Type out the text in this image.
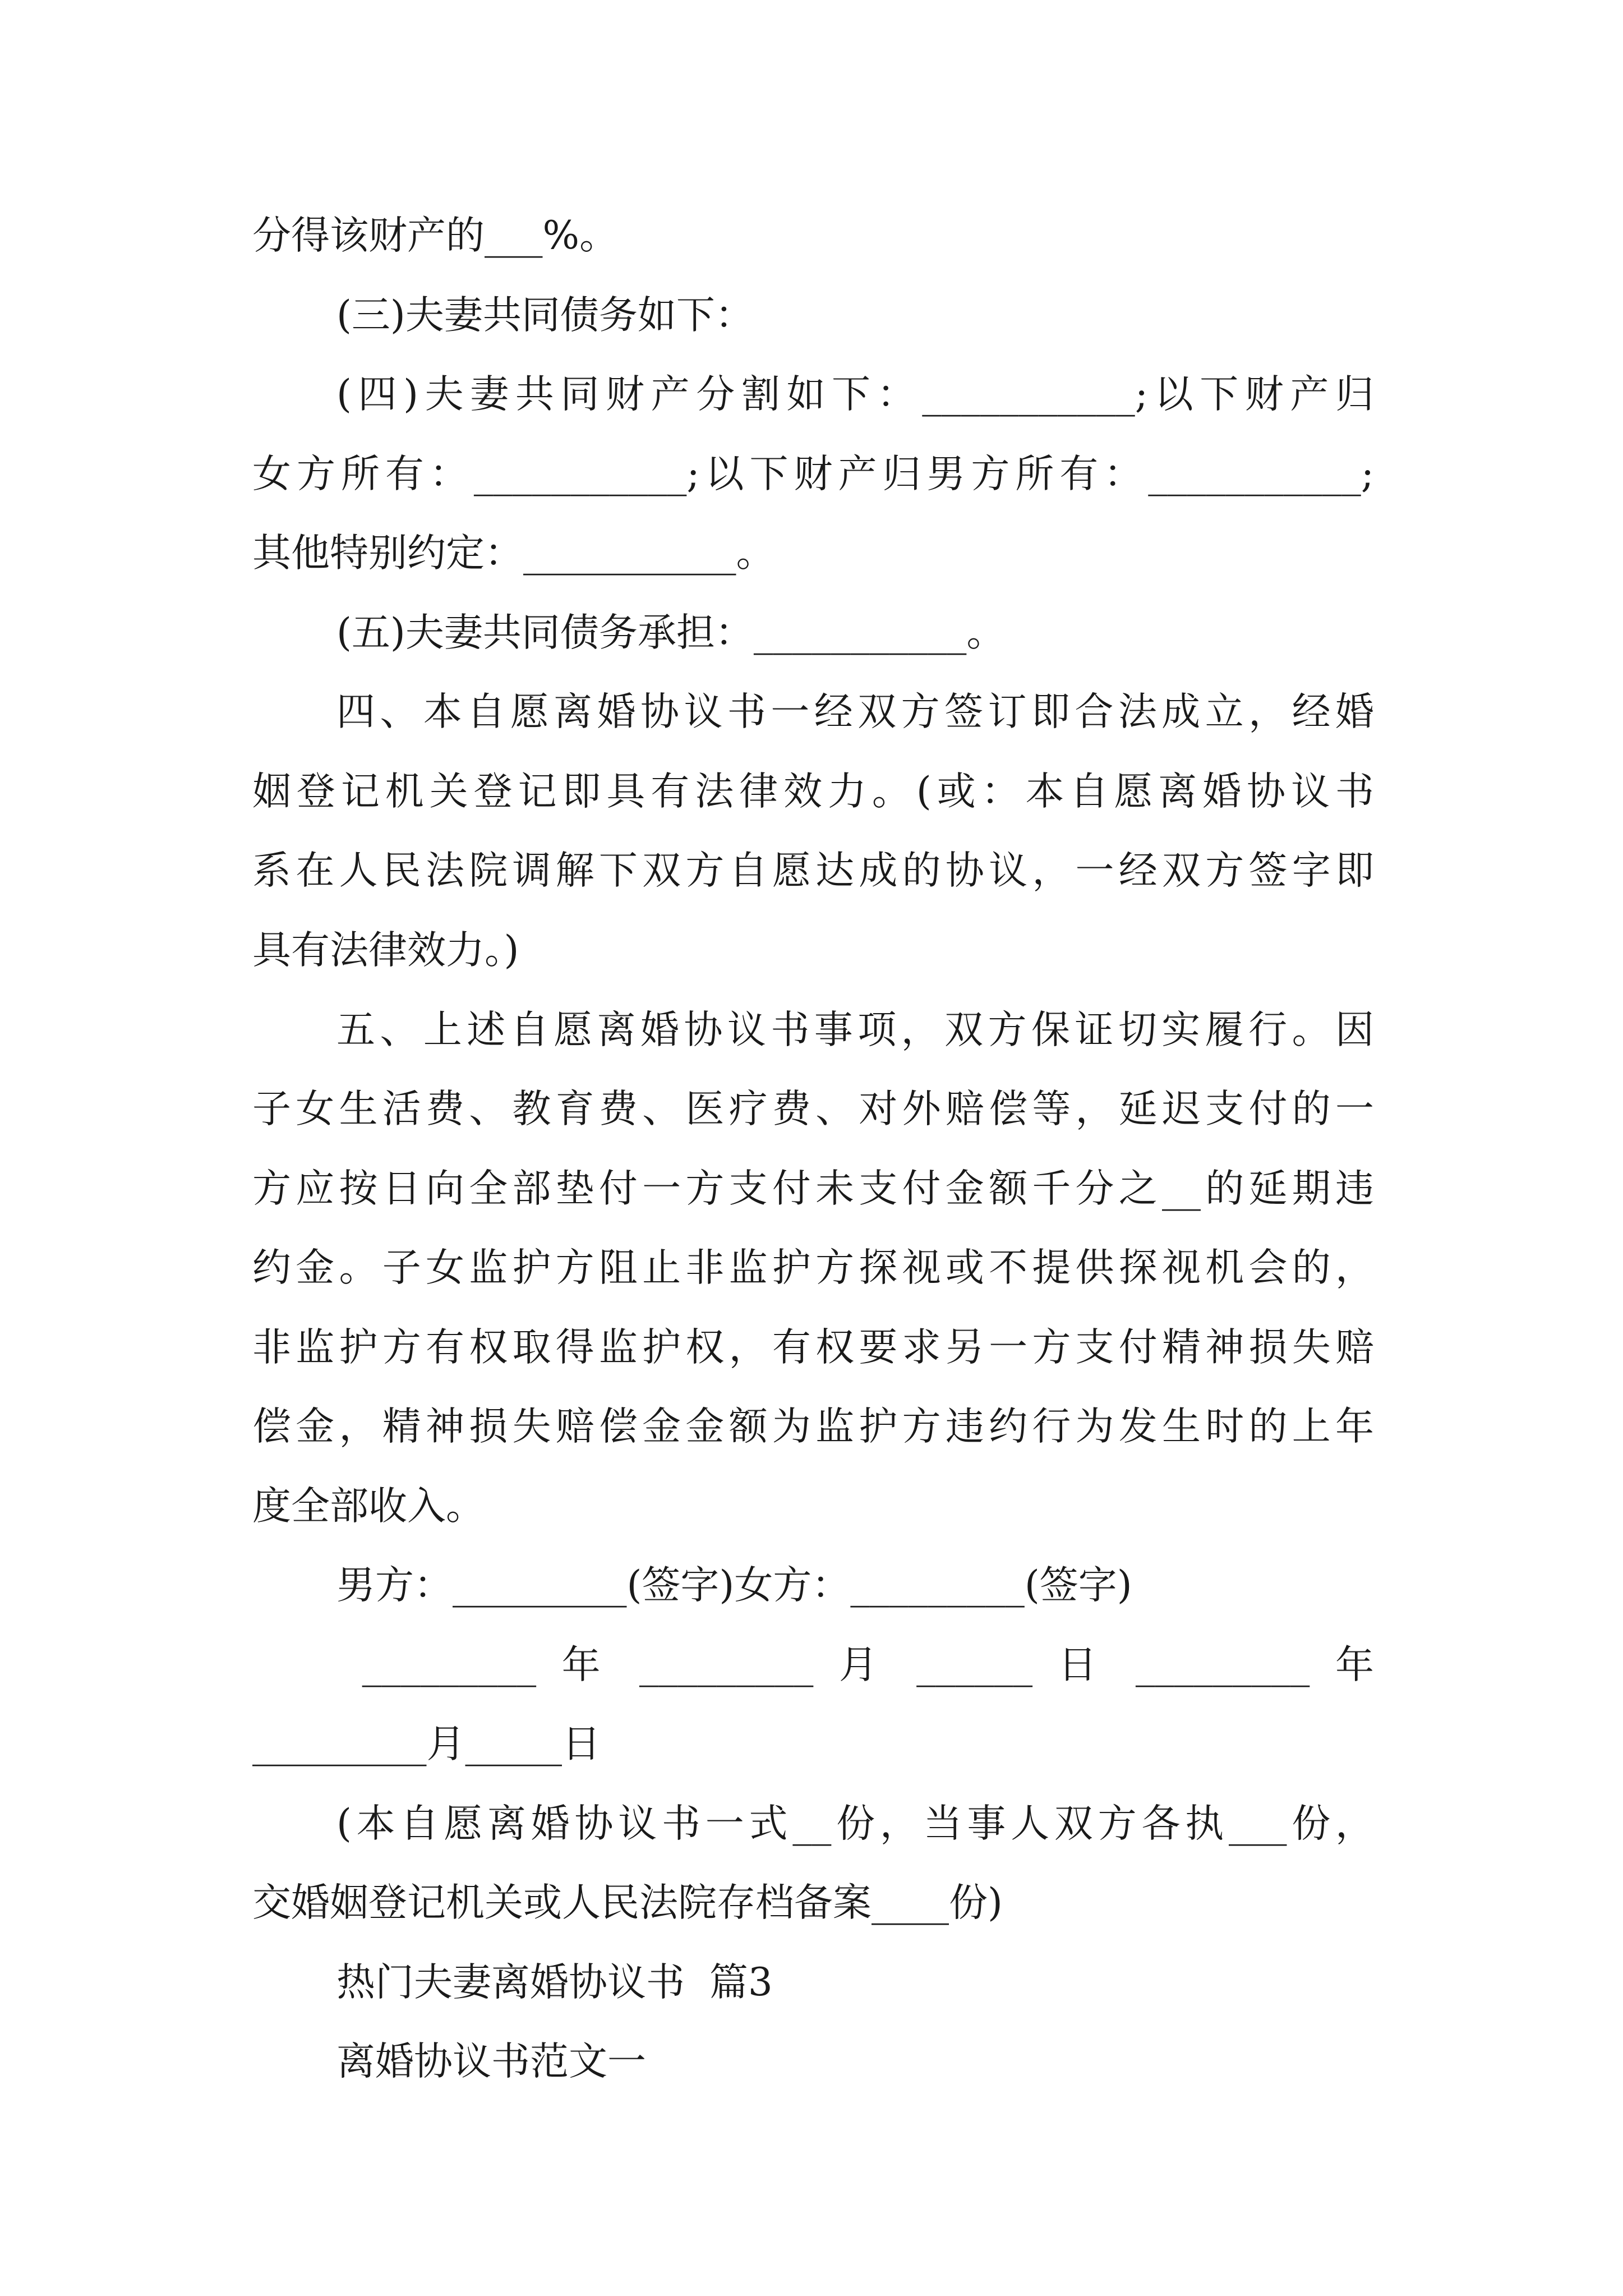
分得该财产的___%。
(三)夫妻共同债务如下：
(四)夫妻共同财产分割如下：___________;以下财产归
女方所有：___________;以下财产归男方所有：___________;
其他特别约定：___________。
(五)夫妻共同债务承担：___________。
四、本自愿离婚协议书一经双方签订即合法成立，经婚
姻登记机关登记即具有法律效力。(或：本自愿离婚协议书
系在人民法院调解下双方自愿达成的协议，一经双方签字即
具有法律效力。)
五、上述自愿离婚协议书事项，双方保证切实履行。因
子女生活费、教育费、医疗费、对外赔偿等，延迟支付的一
方应按日向全部垫付一方支付未支付金额千分之__的延期违
约金。子女监护方阻止非监护方探视或不提供探视机会的，
非监护方有权取得监护权，有权要求另一方支付精神损失赔
偿金，精神损失赔偿金金额为监护方违约行为发生时的上年
度全部收入。
男方：_________(签字)女方：_________(签字)
_________ 年 _________ 月 ______ 日 _________ 年
_________月_____日
(本自愿离婚协议书一式__份，当事人双方各执___份，
交婚姻登记机关或人民法院存档备案____份)
热门夫妻离婚协议书  篇3
离婚协议书范文一
